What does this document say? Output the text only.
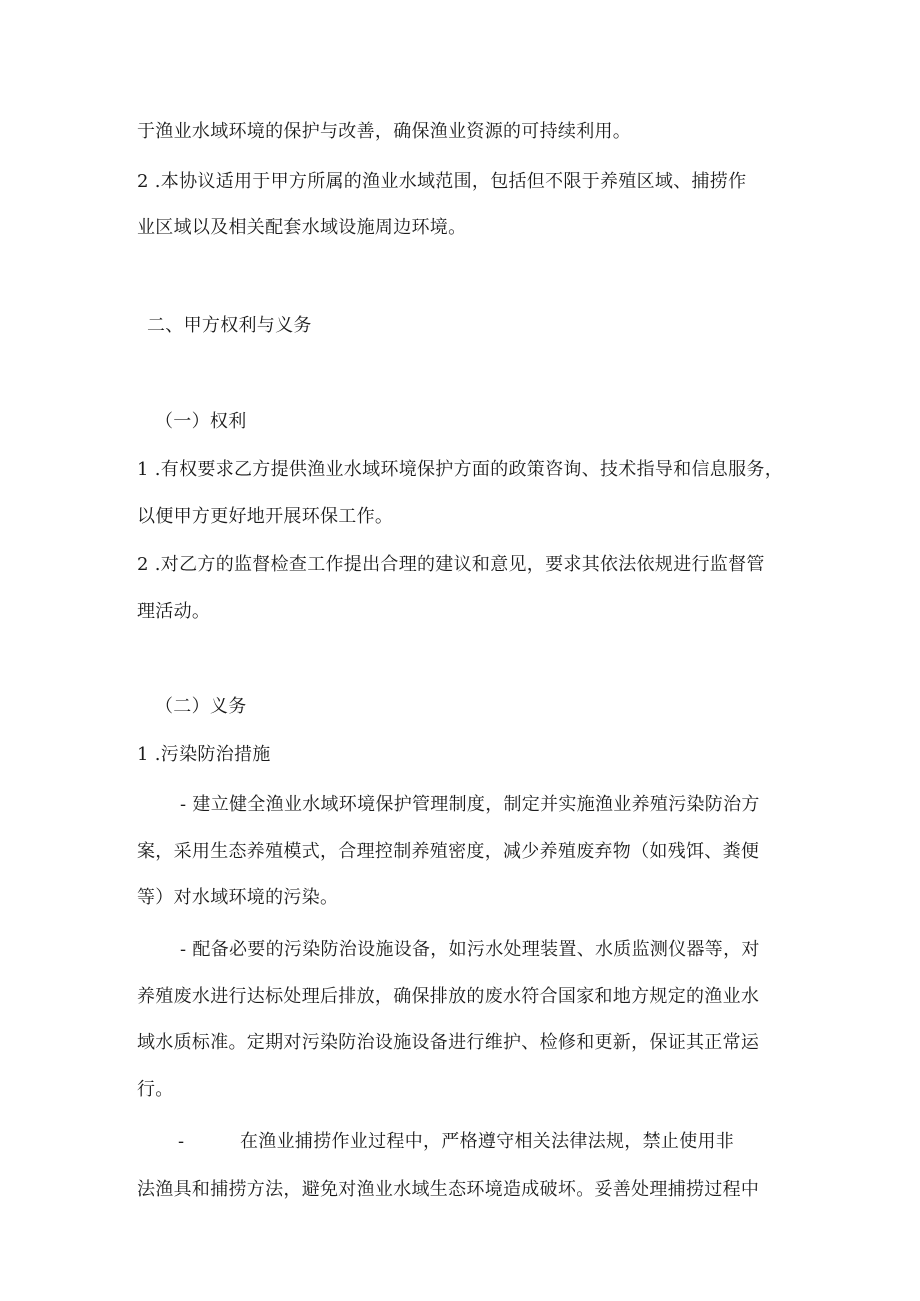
于渔业水域环境的保护与改善，确保渔业资源的可持续利用。
2 .本协议适用于甲方所属的渔业水域范围，包括但不限于养殖区域、捕捞作
业区域以及相关配套水域设施周边环境。
二、甲方权利与义务
（一）权利
1 .有权要求乙方提供渔业水域环境保护方面的政策咨询、技术指导和信息服务，
以便甲方更好地开展环保工作。
2 .对乙方的监督检查工作提出合理的建议和意见，要求其依法依规进行监督管
理活动。
（二）义务
1 .污染防治措施
- 建立健全渔业水域环境保护管理制度，制定并实施渔业养殖污染防治方
案，采用生态养殖模式，合理控制养殖密度，减少养殖废弃物（如残饵、粪便
等）对水域环境的污染。
- 配备必要的污染防治设施设备，如污水处理装置、水质监测仪器等，对
养殖废水进行达标处理后排放，确保排放的废水符合国家和地方规定的渔业水
域水质标准。定期对污染防治设施设备进行维护、检修和更新，保证其正常运
行。
-	在渔业捕捞作业过程中，严格遵守相关法律法规，禁止使用非
法渔具和捕捞方法，避免对渔业水域生态环境造成破坏。妥善处理捕捞过程中
